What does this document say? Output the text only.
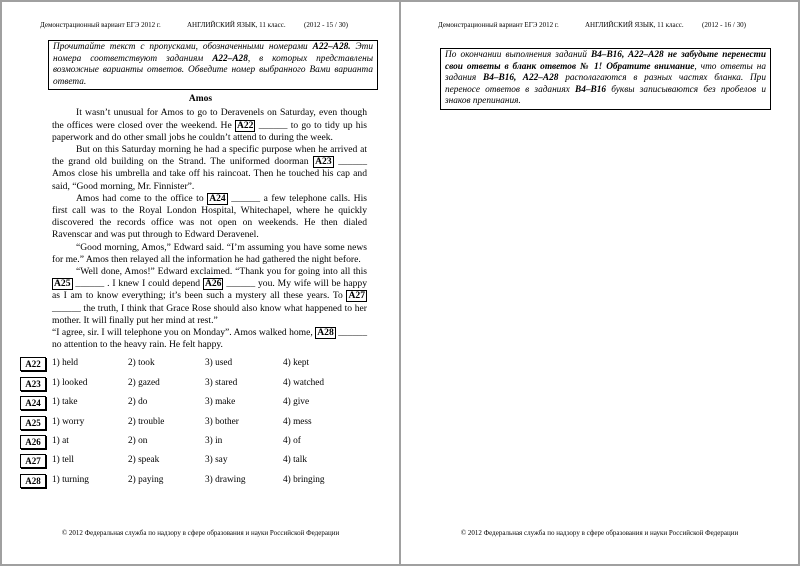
Демонстрационный вариант ЕГЭ 2012 г.	АНГЛИЙСКИЙ ЯЗЫК, 11 класс.	(2012 - 15 / 30)
Прочитайте текст с пропусками, обозначенными номерами A22–A28. Эти номера соответствуют заданиям A22–A28, в которых представлены возможные варианты ответов. Обведите номер выбранного Вами варианта ответа.
Amos

It wasn’t unusual for Amos to go to Deravenels on Saturday, even though the offices were closed over the weekend. He A22 ______ to go to tidy up his paperwork and do other small jobs he couldn’t attend to during the week.

But on this Saturday morning he had a specific purpose when he arrived at the grand old building on the Strand. The uniformed doorman A23 ______ Amos close his umbrella and take off his raincoat. Then he touched his cap and said, “Good morning, Mr. Finnister”.

Amos had come to the office to A24 ______ a few telephone calls. His first call was to the Royal London Hospital, Whitechapel, where he quickly discovered the records office was not open on weekends. He then dialed Ravenscar and was put through to Edward Deravenel.

“Good morning, Amos,” Edward said. “I’m assuming you have some news for me.” Amos then relayed all the information he had gathered the night before.

“Well done, Amos!” Edward exclaimed. “Thank you for going into all this A25 ______ . I knew I could depend A26 ______ you. My wife will be happy as I am to know everything; it’s been such a mystery all these years. To A27 ______ the truth, I think that Grace Rose should also know what happened to her mother. It will finally put her mind at rest.”

“I agree, sir. I will telephone you on Monday”. Amos walked home, A28 ______ no attention to the heavy rain. He felt happy.

A22	1) held	2) took	3) used	4) kept
A23	1) looked	2) gazed	3) stared	4) watched
A24	1) take	2) do	3) make	4) give
A25	1) worry	2) trouble	3) bother	4) mess
A26	1) at	2) on	3) in	4) of
A27	1) tell	2) speak	3) say	4) talk
A28	1) turning	2) paying	3) drawing	4) bringing
© 2012 Федеральная служба по надзору в сфере образования и науки Российской Федерации
Демонстрационный вариант ЕГЭ 2012 г.	АНГЛИЙСКИЙ ЯЗЫК, 11 класс.	(2012 - 16 / 30)
По окончании выполнения заданий B4–B16, A22–A28 не забудьте перенести свои ответы в бланк ответов № 1! Обратите внимание, что ответы на задания B4–B16, A22–A28 располагаются в разных частях бланка. При переносе ответов в заданиях B4–B16 буквы записываются без пробелов и знаков препинания.
© 2012 Федеральная служба по надзору в сфере образования и науки Российской Федерации
